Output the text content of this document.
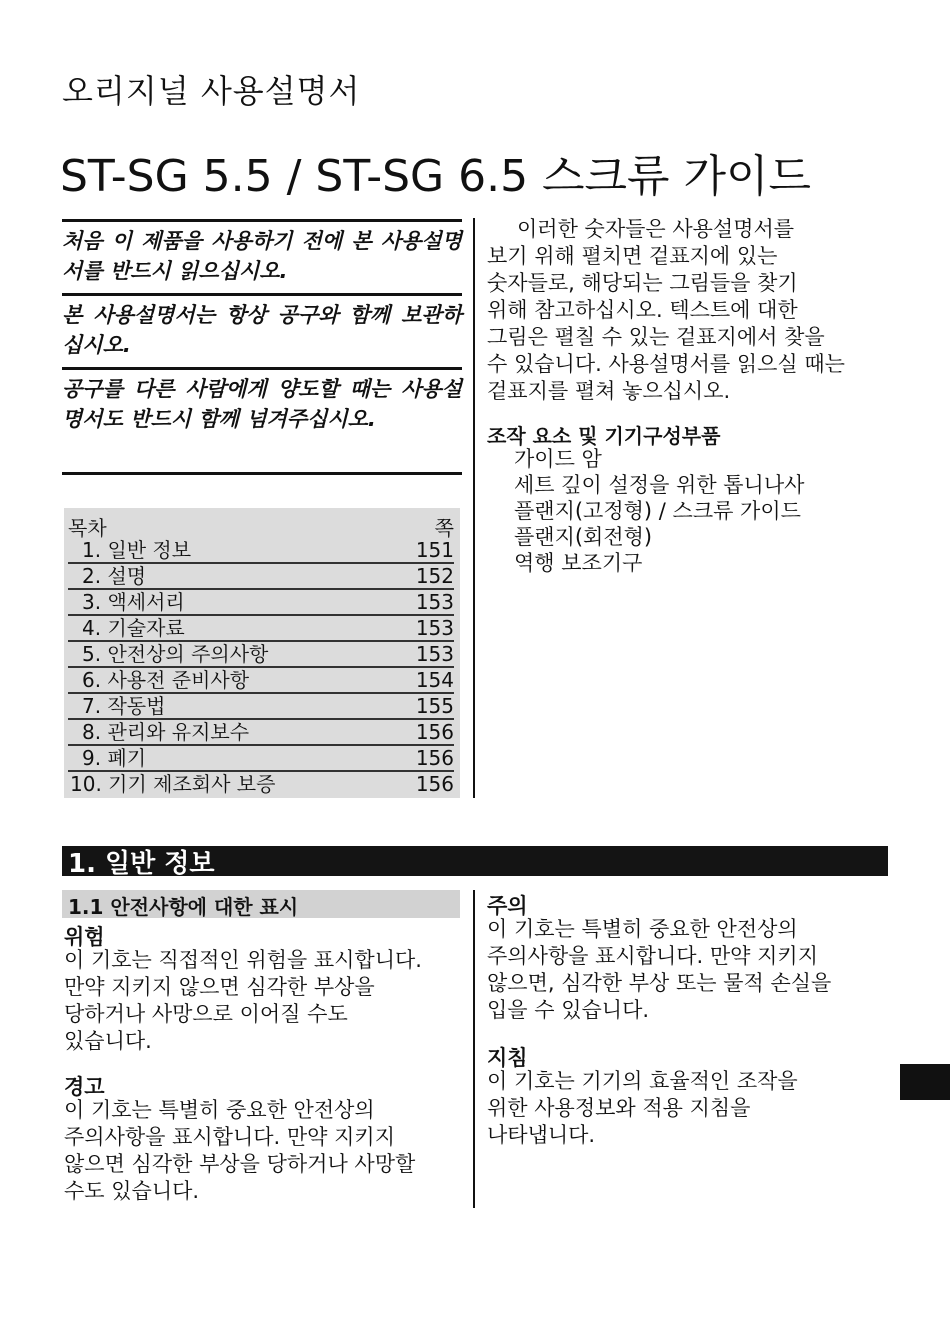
오리지널 사용설명서
ST-SG 5.5 / ST-SG 6.5 스크류 가이드
처음 이 제품을 사용하기 전에 본 사용설명서를 반드시 읽으십시오.
본 사용설명서는 항상 공구와 함께 보관하십시오.
공구를 다른 사람에게 양도할 때는 사용설명서도 반드시 함께 넘겨주십시오.
목차	쪽
1. 일반 정보	151
2. 설명	152
3. 액세서리	153
4. 기술자료	153
5. 안전상의 주의사항	153
6. 사용전 준비사항	154
7. 작동법	155
8. 관리와 유지보수	156
9. 폐기	156
10. 기기 제조회사 보증	156
이러한 숫자들은 사용설명서를
보기 위해 펼치면 겉표지에 있는
숫자들로, 해당되는 그림들을 찾기
위해 참고하십시오. 텍스트에 대한
그림은 펼칠 수 있는 겉표지에서 찾을
수 있습니다. 사용설명서를 읽으실 때는
겉표지를 펼쳐 놓으십시오.
조작 요소 및 기기구성부품
가이드 암
세트 깊이 설정을 위한 톱니나사
플랜지(고정형) / 스크류 가이드
플랜지(회전형)
역행 보조기구
1. 일반 정보
1.1 안전사항에 대한 표시
위험
이 기호는 직접적인 위험을 표시합니다.
만약 지키지 않으면 심각한 부상을
당하거나 사망으로 이어질 수도
있습니다.
경고
이 기호는 특별히 중요한 안전상의
주의사항을 표시합니다. 만약 지키지
않으면 심각한 부상을 당하거나 사망할
수도 있습니다.
주의
이 기호는 특별히 중요한 안전상의
주의사항을 표시합니다. 만약 지키지
않으면, 심각한 부상 또는 물적 손실을
입을 수 있습니다.
지침
이 기호는 기기의 효율적인 조작을
위한 사용정보와 적용 지침을
나타냅니다.
